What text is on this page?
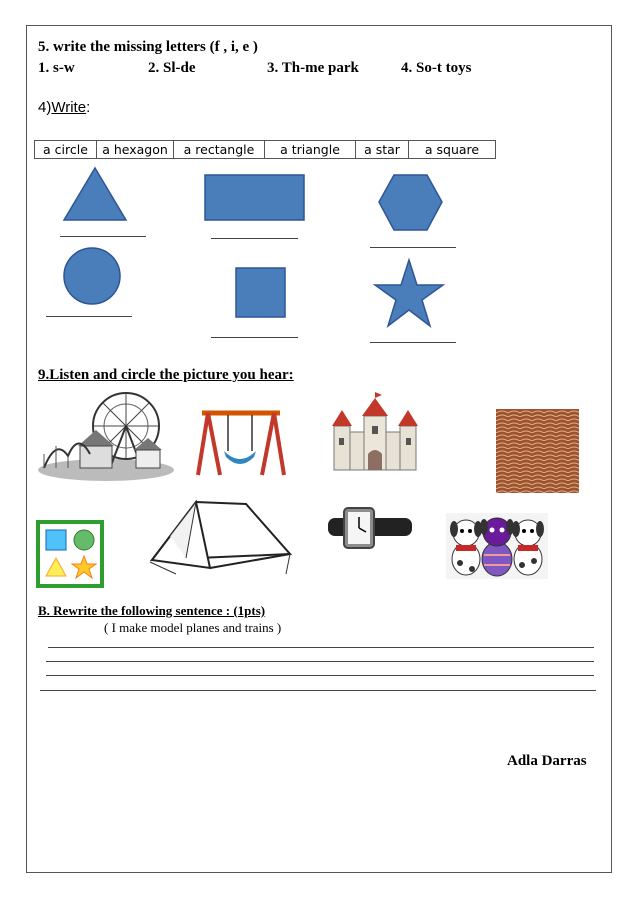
5. write the missing letters (f , i, e )
1. s-w	2. Sl-de	3. Th-me park	4. So-t toys
4)Write:
a circle	a hexagon	a rectangle	a triangle	a star	a square
9.Listen and circle the picture you hear:
B. Rewrite the following sentence : (1pts)
( I make model planes and trains )
Adla Darras
